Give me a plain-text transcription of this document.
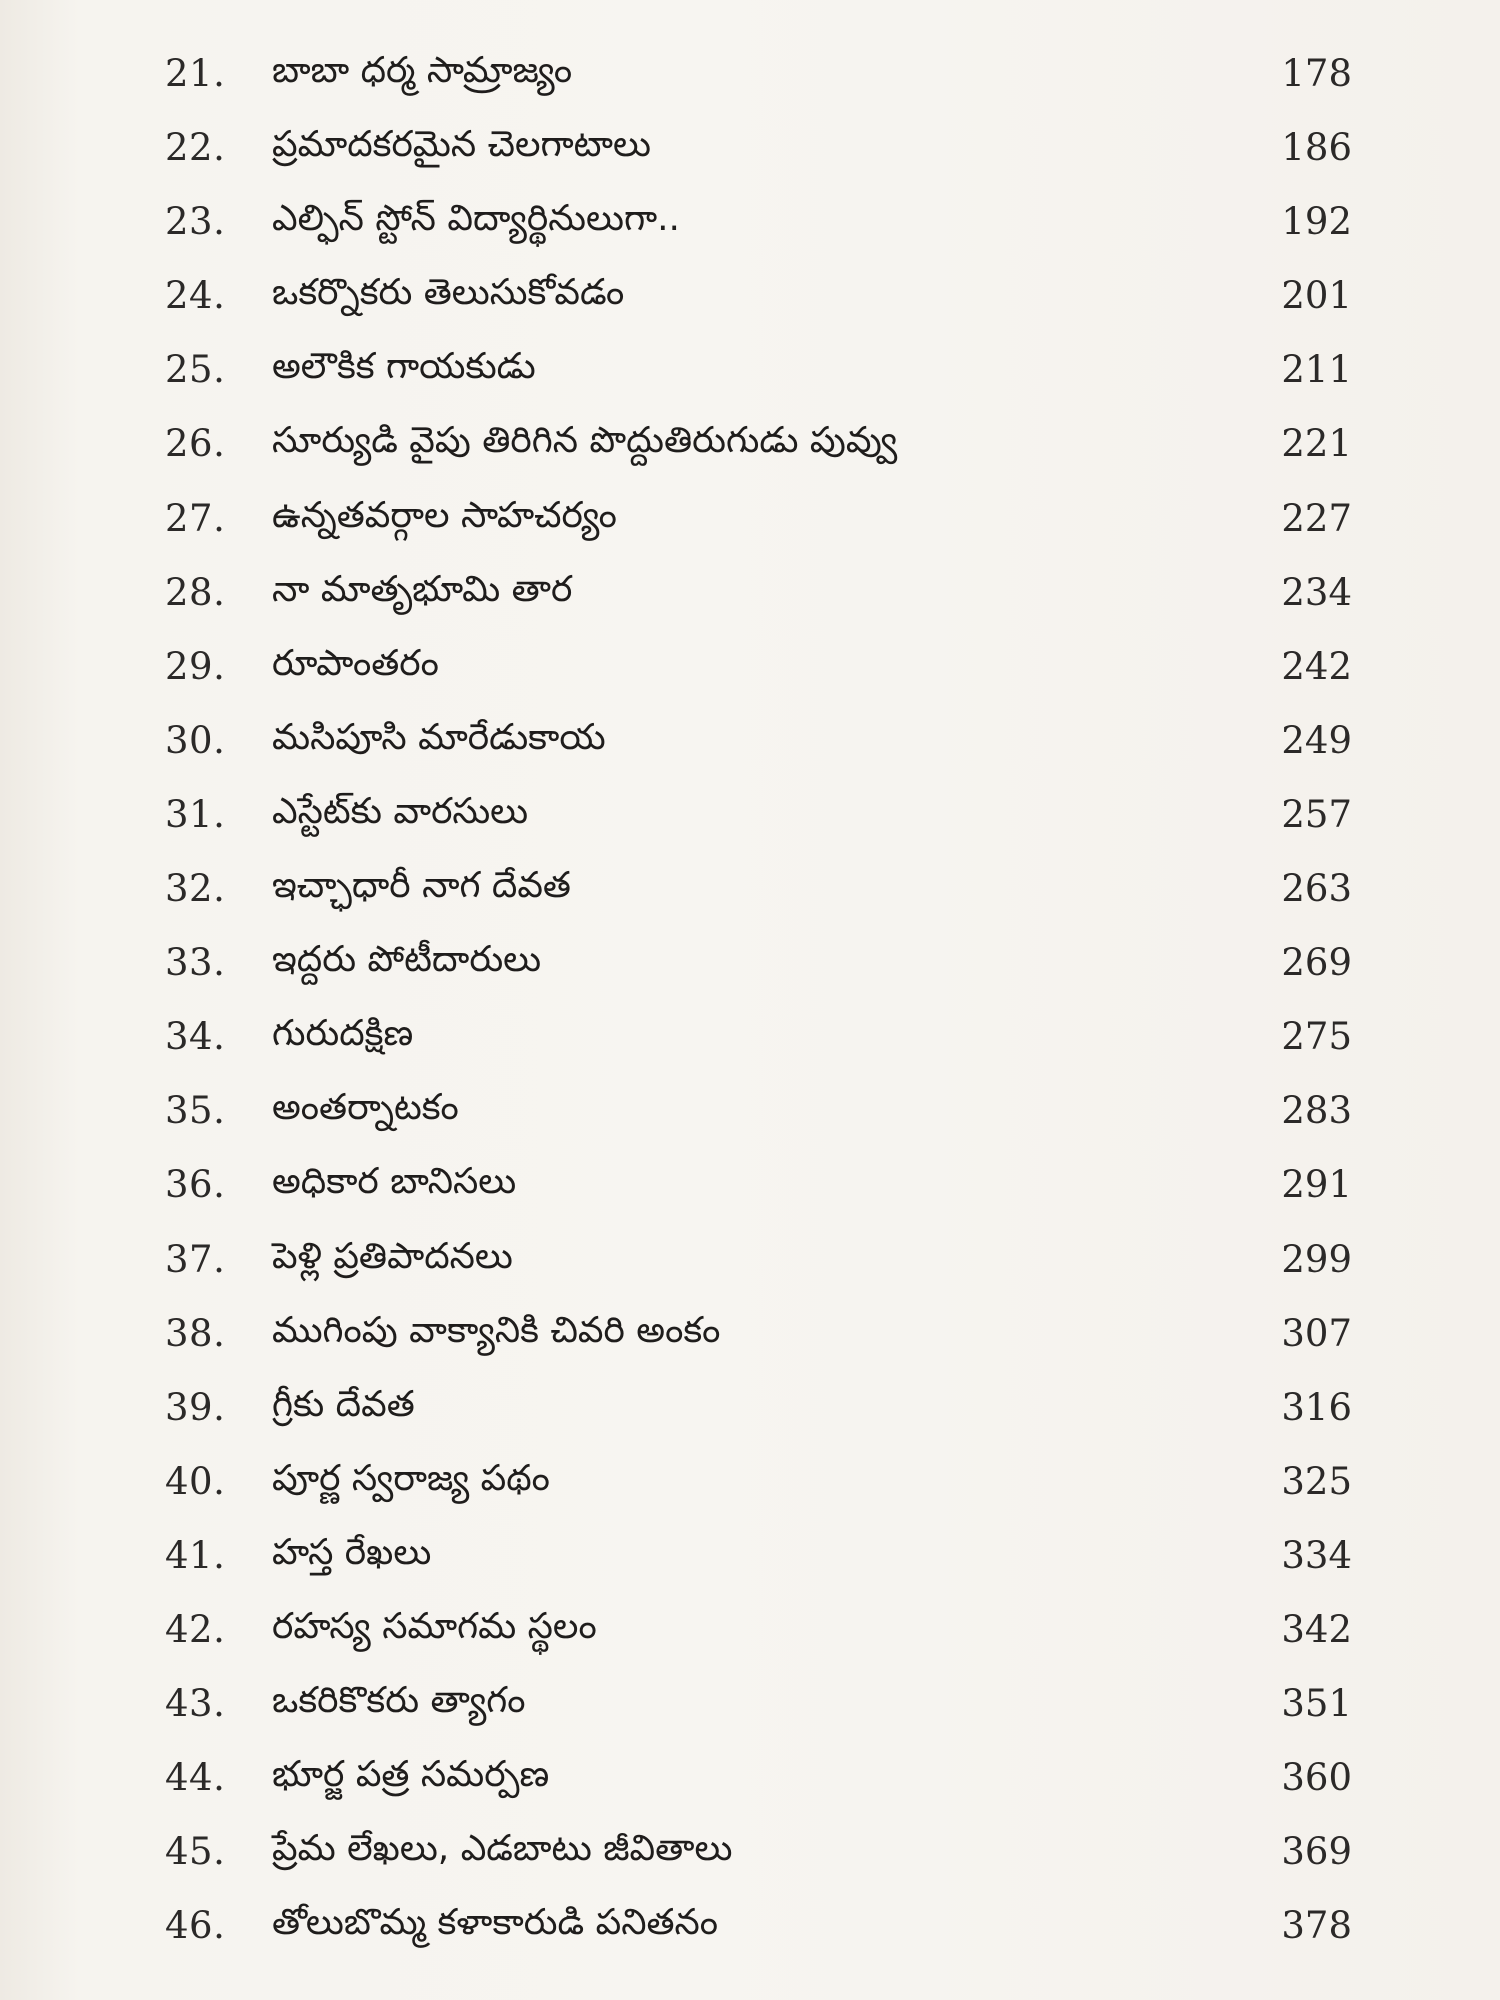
21. బాబా ధర్మ సామ్రాజ్యం	178
22. ప్రమాదకరమైన చెలగాటాలు	186
23. ఎల్ఫిన్ స్టోన్ విద్యార్థినులుగా..	192
24. ఒకర్నొకరు తెలుసుకోవడం	201
25. అలౌకిక గాయకుడు	211
26. సూర్యుడి వైపు తిరిగిన పొద్దుతిరుగుడు పువ్వు	221
27. ఉన్నతవర్గాల సాహచర్యం	227
28. నా మాతృభూమి తార	234
29. రూపాంతరం	242
30. మసిపూసి మారేడుకాయ	249
31. ఎస్టేట్‌కు వారసులు	257
32. ఇచ్ఛాధారీ నాగ దేవత	263
33. ఇద్దరు పోటీదారులు	269
34. గురుదక్షిణ	275
35. అంతర్నాటకం	283
36. అధికార బానిసలు	291
37. పెళ్లి ప్రతిపాదనలు	299
38. ముగింపు వాక్యానికి చివరి అంకం	307
39. గ్రీకు దేవత	316
40. పూర్ణ స్వరాజ్య పథం	325
41. హస్త రేఖలు	334
42. రహస్య సమాగమ స్థలం	342
43. ఒకరికొకరు త్యాగం	351
44. భూర్జ పత్ర సమర్పణ	360
45. ప్రేమ లేఖలు, ఎడబాటు జీవితాలు	369
46. తోలుబొమ్మ కళాకారుడి పనితనం	378
